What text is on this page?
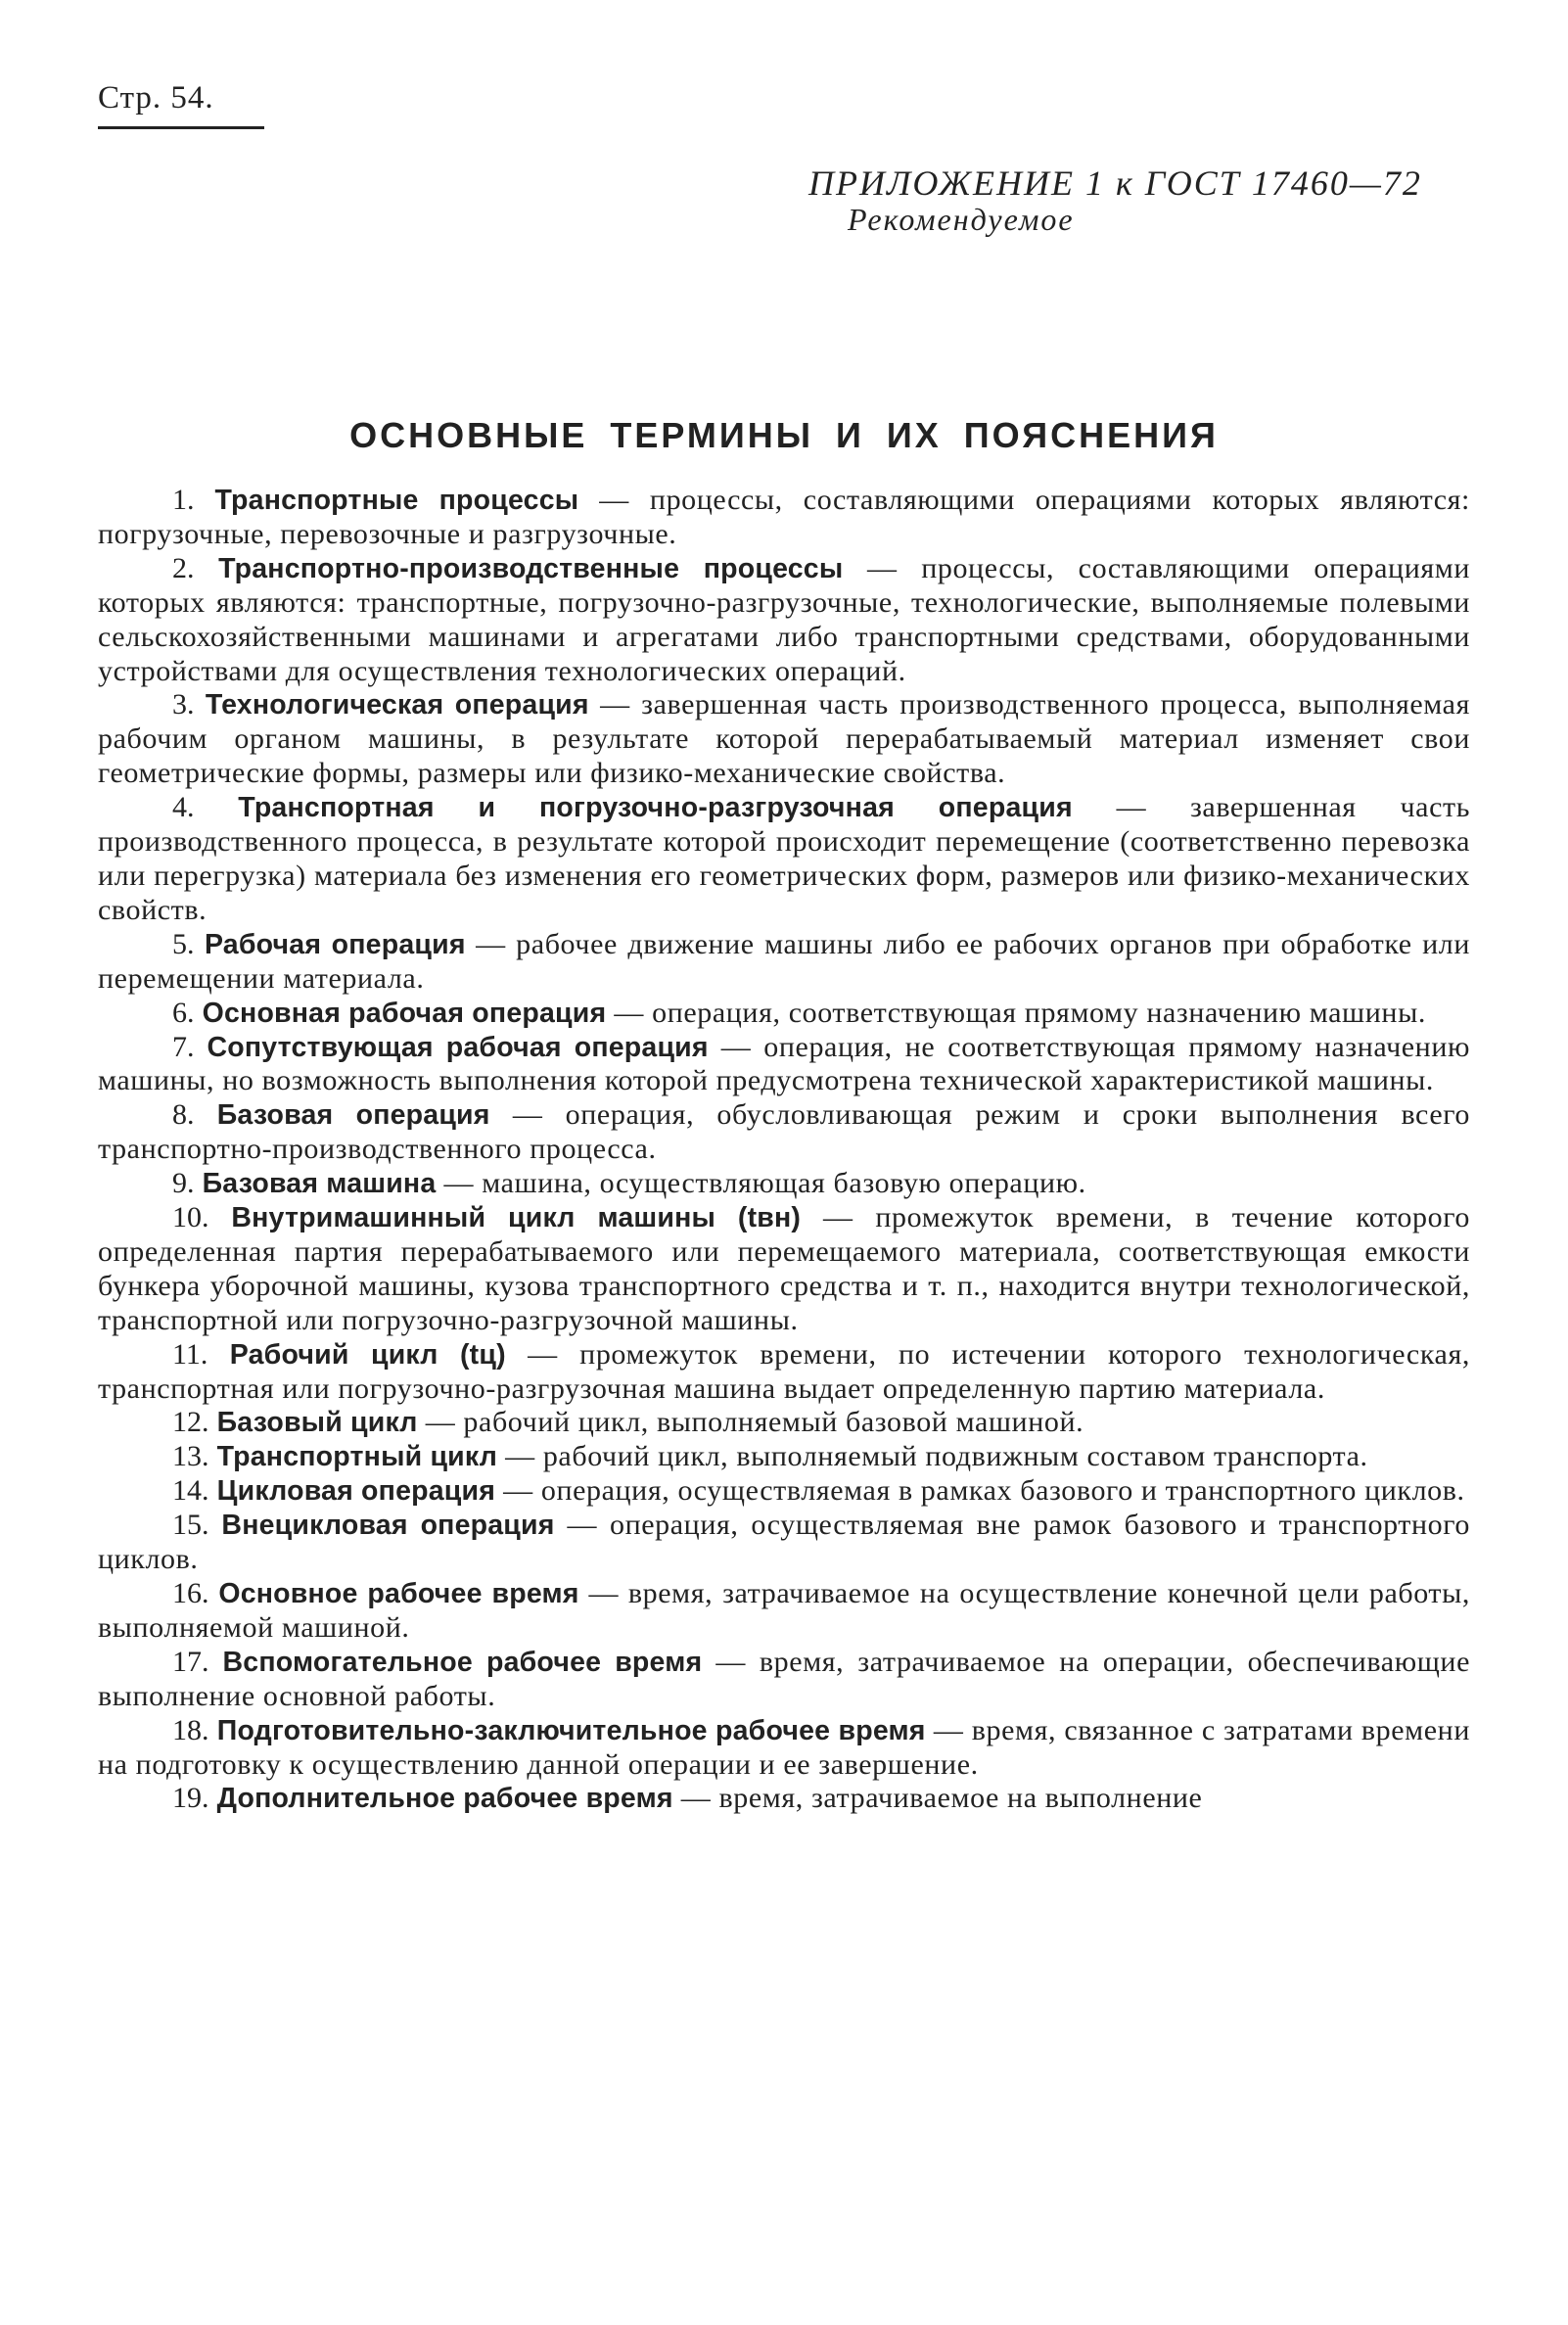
Стр. 54.
ПРИЛОЖЕНИЕ 1 к ГОСТ 17460—72
Рекомендуемое
ОСНОВНЫЕ ТЕРМИНЫ И ИХ ПОЯСНЕНИЯ

1. Транспортные процессы — процессы, составляющими операциями которых являются: погрузочные, перевозочные и разгрузочные.

2. Транспортно-производственные процессы — процессы, составляющими операциями которых являются: транспортные, погрузочно-разгрузочные, технологические, выполняемые полевыми сельскохозяйственными машинами и агрегатами либо транспортными средствами, оборудованными устройствами для осуществления технологических операций.

3. Технологическая операция — завершенная часть производственного процесса, выполняемая рабочим органом машины, в результате которой перерабатываемый материал изменяет свои геометрические формы, размеры или физико-механические свойства.

4. Транспортная и погрузочно-разгрузочная операция — завершенная часть производственного процесса, в результате которой происходит перемещение (соответственно перевозка или перегрузка) материала без изменения его геометрических форм, размеров или физико-механических свойств.

5. Рабочая операция — рабочее движение машины либо ее рабочих органов при обработке или перемещении материала.

6. Основная рабочая операция — операция, соответствующая прямому назначению машины.

7. Сопутствующая рабочая операция — операция, не соответствующая прямому назначению машины, но возможность выполнения которой предусмотрена технической характеристикой машины.

8. Базовая операция — операция, обусловливающая режим и сроки выполнения всего транспортно-производственного процесса.

9. Базовая машина — машина, осуществляющая базовую операцию.

10. Внутримашинный цикл машины (tвн) — промежуток времени, в течение которого определенная партия перерабатываемого или перемещаемого материала, соответствующая емкости бункера уборочной машины, кузова транспортного средства и т. п., находится внутри технологической, транспортной или погрузочно-разгрузочной машины.

11. Рабочий цикл (tц) — промежуток времени, по истечении которого технологическая, транспортная или погрузочно-разгрузочная машина выдает определенную партию материала.

12. Базовый цикл — рабочий цикл, выполняемый базовой машиной.

13. Транспортный цикл — рабочий цикл, выполняемый подвижным составом транспорта.

14. Цикловая операция — операция, осуществляемая в рамках базового и транспортного циклов.

15. Внецикловая операция — операция, осуществляемая вне рамок базового и транспортного циклов.

16. Основное рабочее время — время, затрачиваемое на осуществление конечной цели работы, выполняемой машиной.

17. Вспомогательное рабочее время — время, затрачиваемое на операции, обеспечивающие выполнение основной работы.

18. Подготовительно-заключительное рабочее время — время, связанное с затратами времени на подготовку к осуществлению данной операции и ее завершение.

19. Дополнительное рабочее время — время, затрачиваемое на выполнение
